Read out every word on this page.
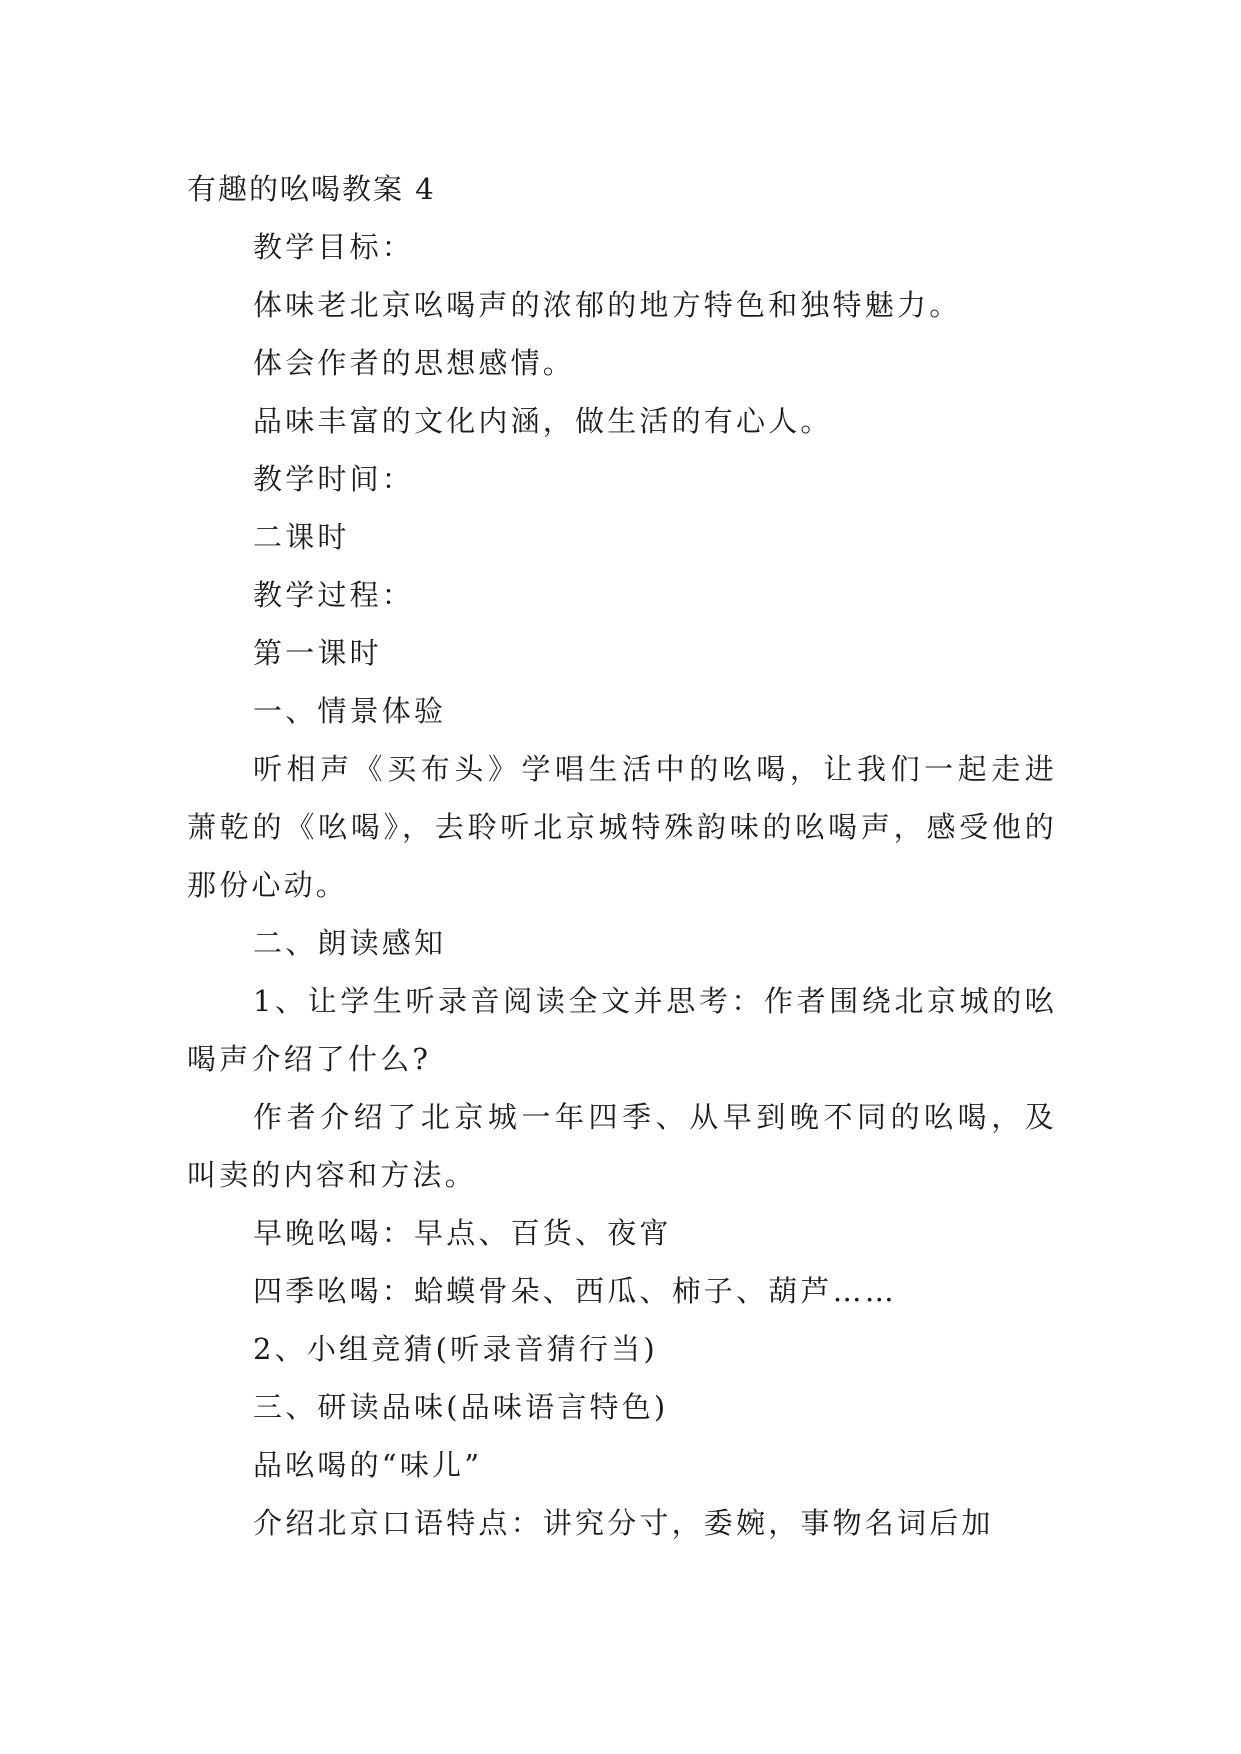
有趣的吆喝教案 4

教学目标：

体味老北京吆喝声的浓郁的地方特色和独特魅力。

体会作者的思想感情。

品味丰富的文化内涵，做生活的有心人。

教学时间：

二课时

教学过程：

第一课时

一、情景体验

听相声《买布头》学唱生活中的吆喝，让我们一起走进萧乾的《吆喝》，去聆听北京城特殊韵味的吆喝声，感受他的那份心动。

二、朗读感知

1、让学生听录音阅读全文并思考：作者围绕北京城的吆喝声介绍了什么?

作者介绍了北京城一年四季、从早到晚不同的吆喝，及叫卖的内容和方法。

早晚吆喝：早点、百货、夜宵

四季吆喝：蛤蟆骨朵、西瓜、柿子、葫芦……

2、小组竞猜(听录音猜行当)

三、研读品味(品味语言特色)

品吆喝的“味儿”

介绍北京口语特点：讲究分寸，委婉，事物名词后加
